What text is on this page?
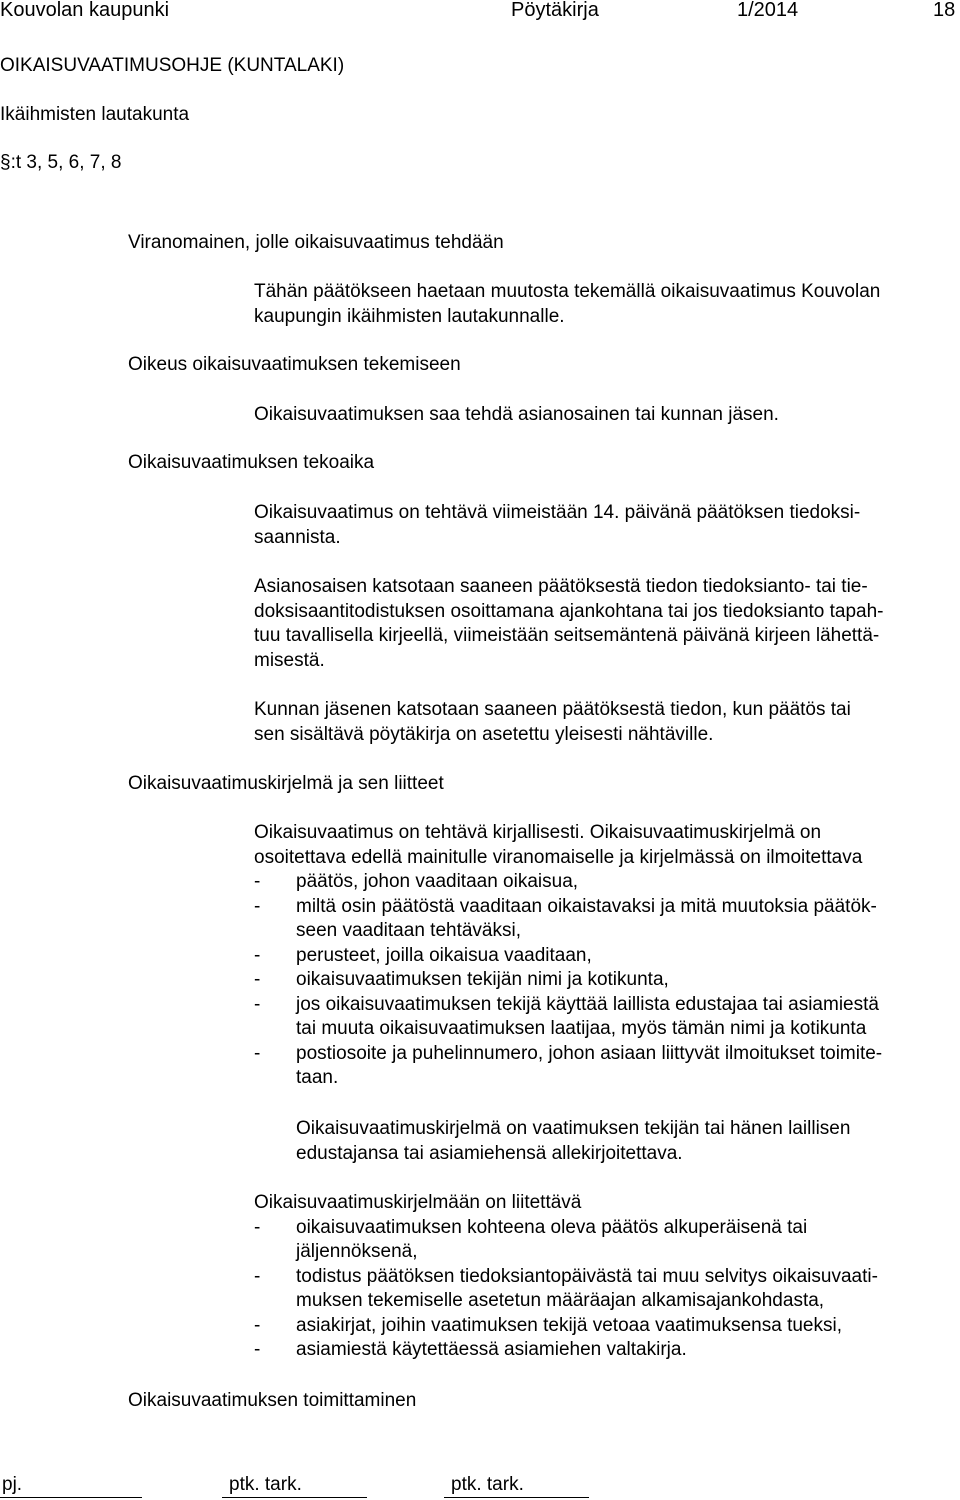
Kouvolan kaupunki	Pöytäkirja	1/2014	18
OIKAISUVAATIMUSOHJE (KUNTALAKI)
Ikäihmisten lautakunta
§:t 3, 5, 6, 7, 8
Viranomainen, jolle oikaisuvaatimus tehdään

Tähän päätökseen haetaan muutosta tekemällä oikaisuvaatimus Kouvolan

kaupungin ikäihmisten lautakunnalle.

Oikeus oikaisuvaatimuksen tekemiseen

Oikaisuvaatimuksen saa tehdä asianosainen tai kunnan jäsen.

Oikaisuvaatimuksen tekoaika

Oikaisuvaatimus on tehtävä viimeistään 14. päivänä päätöksen tiedoksi-

saannista.

Asianosaisen katsotaan saaneen päätöksestä tiedon tiedoksianto- tai tie-

doksisaantitodistuksen osoittamana ajankohtana tai jos tiedoksianto tapah-

tuu tavallisella kirjeellä, viimeistään seitsemäntenä päivänä kirjeen lähettä-

misestä.

Kunnan jäsenen katsotaan saaneen päätöksestä tiedon, kun päätös tai

sen sisältävä pöytäkirja on asetettu yleisesti nähtäville.

Oikaisuvaatimuskirjelmä ja sen liitteet

Oikaisuvaatimus on tehtävä kirjallisesti. Oikaisuvaatimuskirjelmä on

osoitettava edellä mainitulle viranomaiselle ja kirjelmässä on ilmoitettava

- päätös, johon vaaditaan oikaisua,
- miltä osin päätöstä vaaditaan oikaistavaksi ja mitä muutoksia päätök-
seen vaaditaan tehtäväksi,
- perusteet, joilla oikaisua vaaditaan,
- oikaisuvaatimuksen tekijän nimi ja kotikunta,
- jos oikaisuvaatimuksen tekijä käyttää laillista edustajaa tai asiamiestä
tai muuta oikaisuvaatimuksen laatijaa, myös tämän nimi ja kotikunta
- postiosoite ja puhelinnumero, johon asiaan liittyvät ilmoitukset toimite-
taan.

Oikaisuvaatimuskirjelmä on vaatimuksen tekijän tai hänen laillisen

edustajansa tai asiamiehensä allekirjoitettava.

Oikaisuvaatimuskirjelmään on liitettävä

- oikaisuvaatimuksen kohteena oleva päätös alkuperäisenä tai
jäljennöksenä,
- todistus päätöksen tiedoksiantopäivästä tai muu selvitys oikaisuvaati-
muksen tekemiselle asetetun määräajan alkamisajankohdasta,
- asiakirjat, joihin vaatimuksen tekijä vetoaa vaatimuksensa tueksi,
- asiamiestä käytettäessä asiamiehen valtakirja.
Oikaisuvaatimuksen toimittaminen
pj.	ptk. tark.	ptk. tark.
